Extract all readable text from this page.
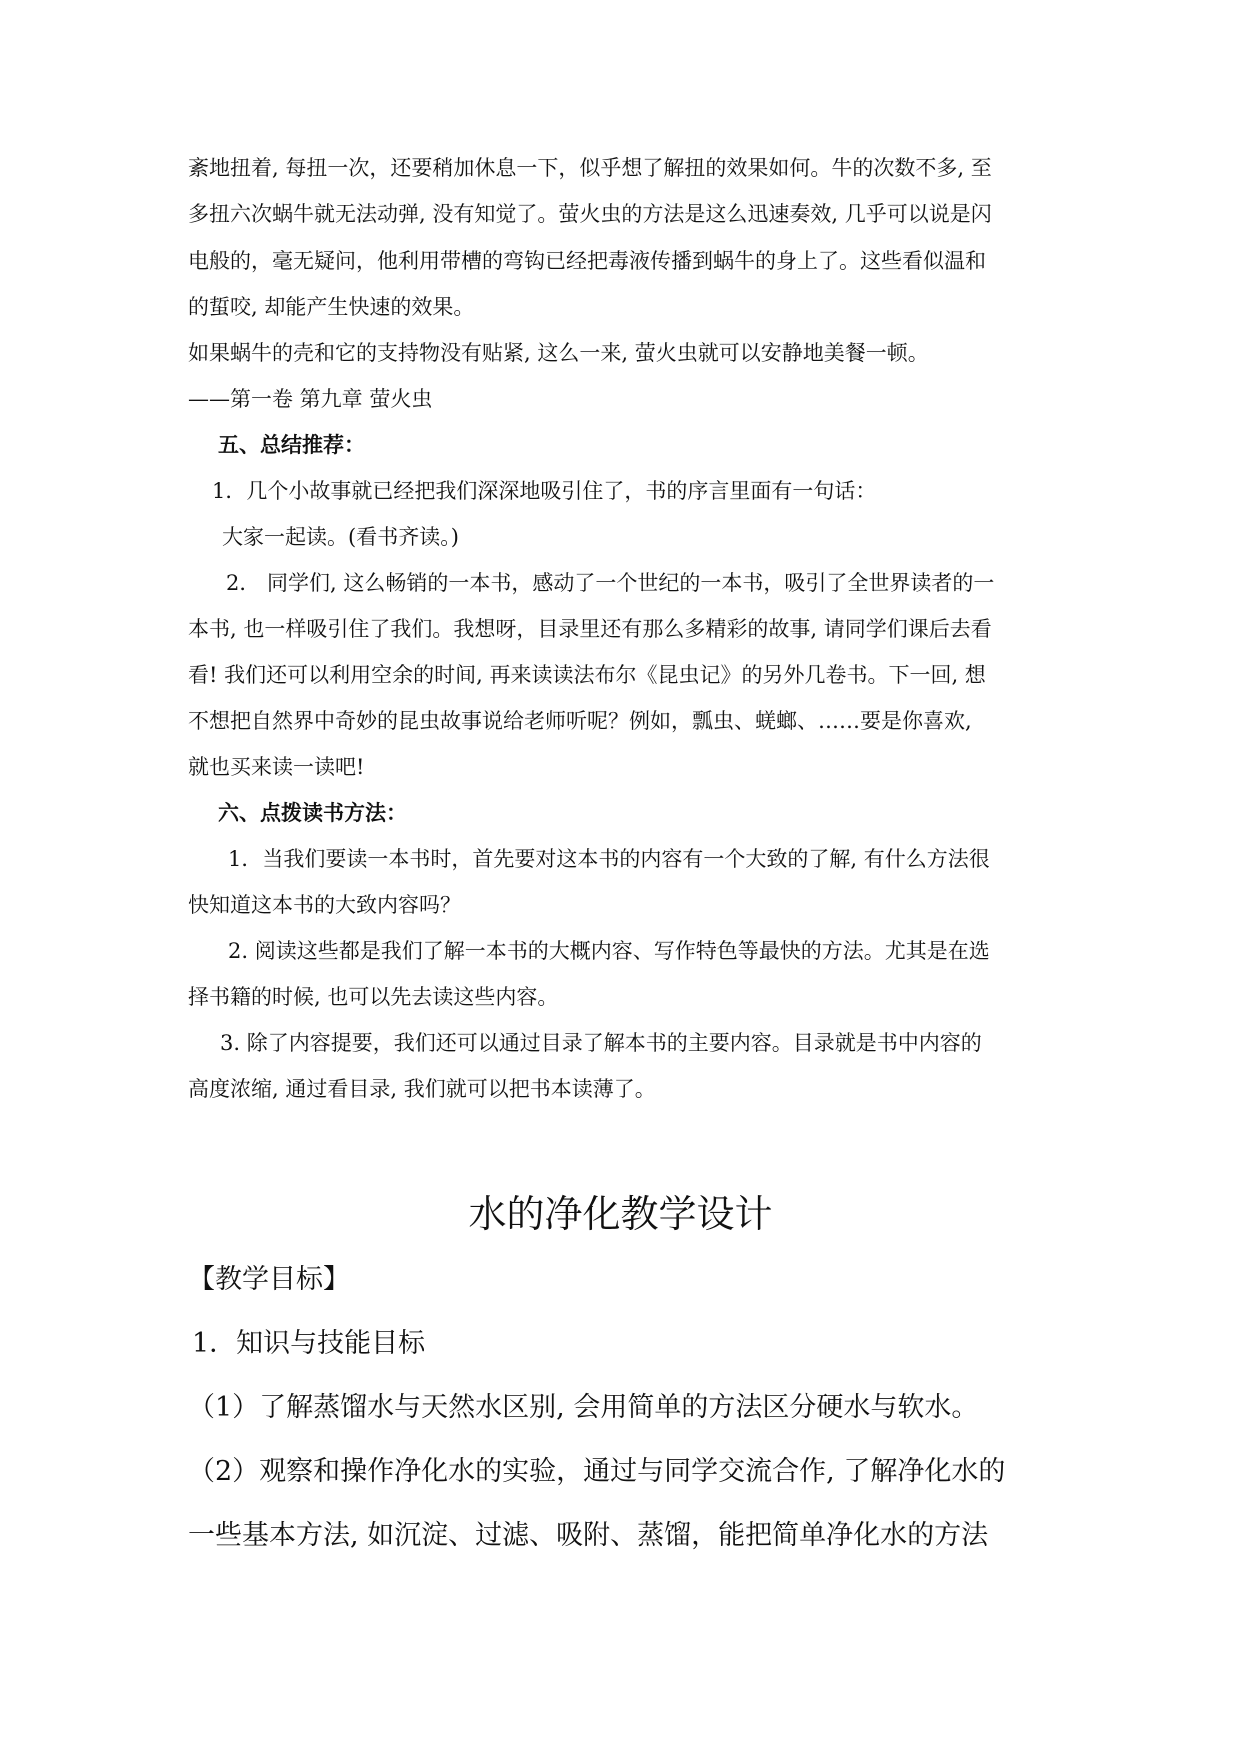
紊地扭着, 每扭一次，还要稍加休息一下，似乎想了解扭的效果如何。牛的次数不多, 至
多扭六次蜗牛就无法动弹, 没有知觉了。萤火虫的方法是这么迅速奏效, 几乎可以说是闪
电般的，毫无疑问，他利用带槽的弯钩已经把毒液传播到蜗牛的身上了。这些看似温和
的蜇咬, 却能产生快速的效果。
如果蜗牛的壳和它的支持物没有贴紧, 这么一来, 萤火虫就可以安静地美餐一顿。
——第一卷 第九章 萤火虫
五、总结推荐：
1．几个小故事就已经把我们深深地吸引住了，书的序言里面有一句话：
大家一起读。(看书齐读。)
2． 同学们, 这么畅销的一本书，感动了一个世纪的一本书，吸引了全世界读者的一
本书, 也一样吸引住了我们。我想呀，目录里还有那么多精彩的故事, 请同学们课后去看
看! 我们还可以利用空余的时间, 再来读读法布尔《昆虫记》的另外几卷书。下一回, 想
不想把自然界中奇妙的昆虫故事说给老师听呢？例如，瓢虫、蜣螂、……要是你喜欢,
就也买来读一读吧!
六、点拨读书方法：
1．当我们要读一本书时，首先要对这本书的内容有一个大致的了解, 有什么方法很
快知道这本书的大致内容吗？
2. 阅读这些都是我们了解一本书的大概内容、写作特色等最快的方法。尤其是在选
择书籍的时候, 也可以先去读这些内容。
3. 除了内容提要，我们还可以通过目录了解本书的主要内容。目录就是书中内容的
高度浓缩, 通过看目录, 我们就可以把书本读薄了。
水的净化教学设计
【教学目标】
1．知识与技能目标
（1）了解蒸馏水与天然水区别, 会用简单的方法区分硬水与软水。
（2）观察和操作净化水的实验，通过与同学交流合作, 了解净化水的
一些基本方法, 如沉淀、过滤、吸附、蒸馏，能把简单净化水的方法
